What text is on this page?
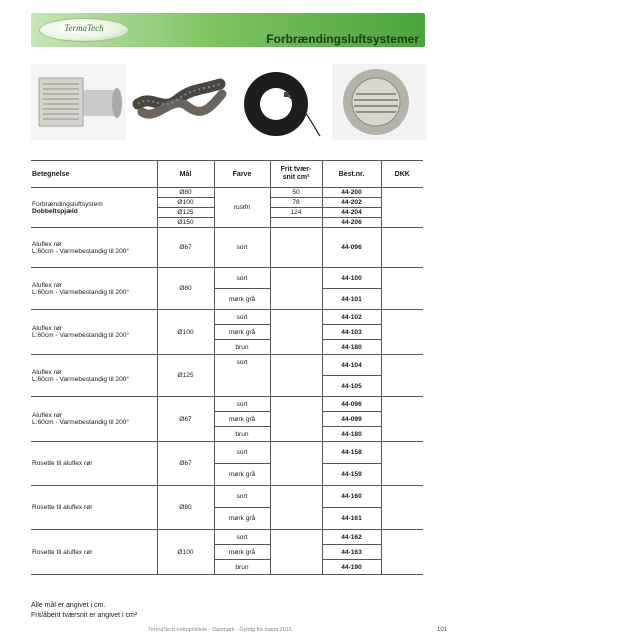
TermaTech
Forbrændingsluftsystemer
Betegnelse	Mål	Farve	Frit tvær-
snit cm²	Best.nr.	DKK

Forbrændingsluftsystem
Dobbeltspjæld	Ø80	rustfri	50	44-200	
	Ø100		78	44-202	
	Ø125		124	44-204	
	Ø150			44-206	

Aluflex rør
L:60cm - Varmebestandig til 200°	Ø67	sort		44-096	

Aluflex rør
L:60cm - Varmebestandig til 200°	Ø80	sort		44-100	
		mørk grå		44-101	

Aluflex rør
L:60cm - Varmebestandig til 200°	Ø100	sort		44-102	
		mørk grå		44-103	
		brun		44-180	

Aluflex rør
L:60cm - Varmebestandig til 200°	Ø125	sort		44-104	
				44-105	

Aluflex rør
L:60cm - Varmebestandig til 200°	Ø67	sort		44-096	
		mørk grå		44-099	
		brun		44-180	
Rosette til aluflex rør	Ø67	sort		44-158	
		mørk grå		44-159	
Rosette til aluflex rør	Ø80	sort		44-160	
		mørk grå		44-161	
Rosette til aluflex rør	Ø100	sort		44-162	
		mørk grå		44-163	
		brun		44-190	
Alle mål er angivet i cm.
Frit/åbent tværsnit er angivet i cm²
TermaTech nettoprisliste - Danmark - Gyldig fra marts 2015	101
